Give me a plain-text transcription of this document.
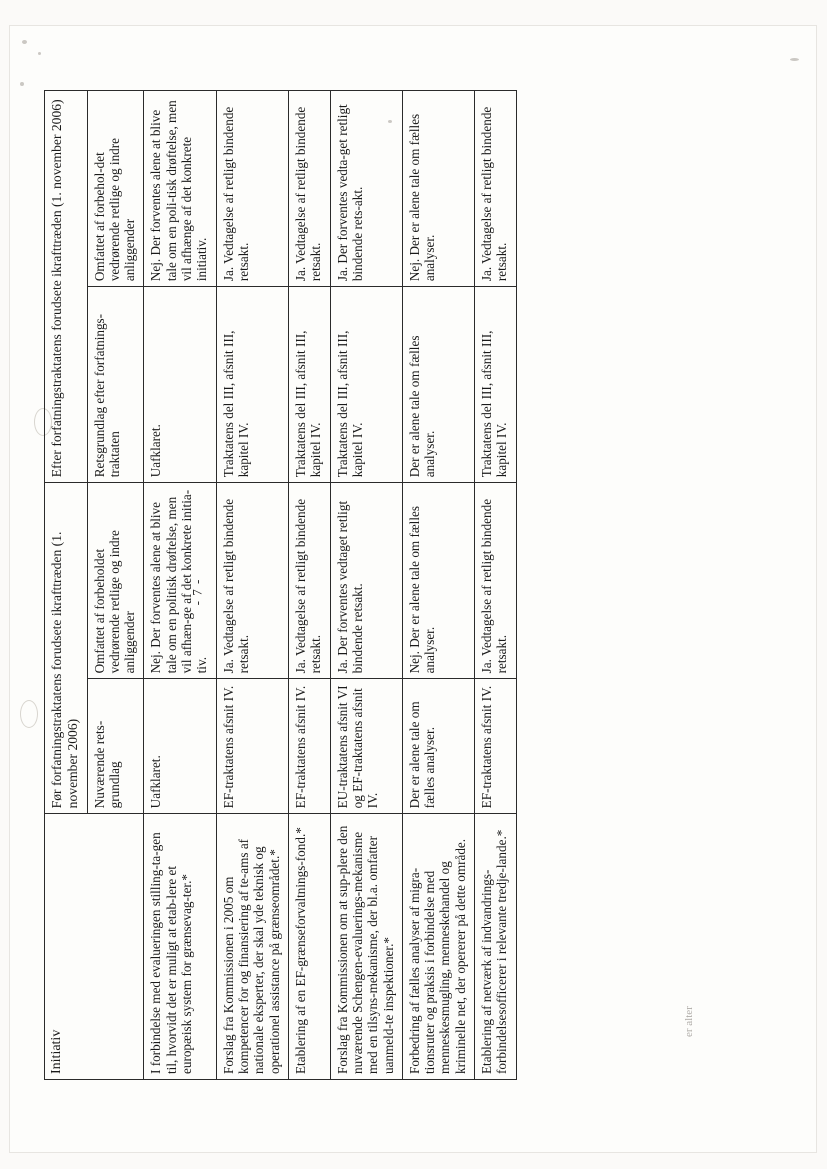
- 7 -
er alter
Initiativ	Før forfatningstraktatens forudsete ikrafttræden (1. november 2006)		Efter forfatningstraktatens forudsete ikrafttræden (1. november 2006)	
	Nuværende rets-grundlag	Omfattet af forbeholdet vedrørende retlige og indre anliggender	Retsgrundlag efter forfatnings-traktaten	Omfattet af forbehol-det vedrørende retlige og indre anliggender
I forbindelse med evalueringen stilling-ta-gen til, hvorvidt det er muligt at etab-lere et europæisk system for grænsevag-ter.*	Uafklaret.	Nej. Der forventes alene at blive tale om en politisk drøftelse, men vil afhæn-ge af det konkrete initia-tiv.	Uafklaret.	Nej. Der forventes alene at blive tale om en poli-tisk drøftelse, men vil afhænge af det konkrete initiativ.
Forslag fra Kommissionen i 2005 om kompetencer for og finansiering af te-ams af nationale eksperter, der skal yde teknisk og operationel assistance på grænseområdet.*	EF-traktatens afsnit IV.	Ja. Vedtagelse af retligt bindende retsakt.	Traktatens del III, afsnit III, kapitel IV.	Ja. Vedtagelse af retligt bindende retsakt.
Etablering af en EF-grænseforvaltnings-fond.*	EF-traktatens afsnit IV.	Ja. Vedtagelse af retligt bindende retsakt.	Traktatens del III, afsnit III, kapitel IV.	Ja. Vedtagelse af retligt bindende retsakt.
Forslag fra Kommissionen om at sup-plere den nuværende Schengen-evaluerings-mekanisme med en tilsyns-mekanisme, der bl.a. omfatter uanmeld-te inspektioner.*	EU-traktatens afsnit VI og EF-traktatens afsnit IV.	Ja. Der forventes vedtaget retligt bindende retsakt.	Traktatens del III, afsnit III, kapitel IV.	Ja. Der forventes vedta-get retligt bindende rets-akt.
Forbedring af fælles analyser af migra-tionsruter og praksis i forbindelse med menneskesmugling, menneskehandel og kriminelle net, der opererer på dette område.	Der er alene tale om fælles analyser.	Nej. Der er alene tale om fælles analyser.	Der er alene tale om fælles analyser.	Nej. Der er alene tale om fælles analyser.
Etablering af netværk af indvandrings-forbindelsesofficerer i relevante tredje-lande.*	EF-traktatens afsnit IV.	Ja. Vedtagelse af retligt bindende retsakt.	Traktatens del III, afsnit III, kapitel IV.	Ja. Vedtagelse af retligt bindende retsakt.
